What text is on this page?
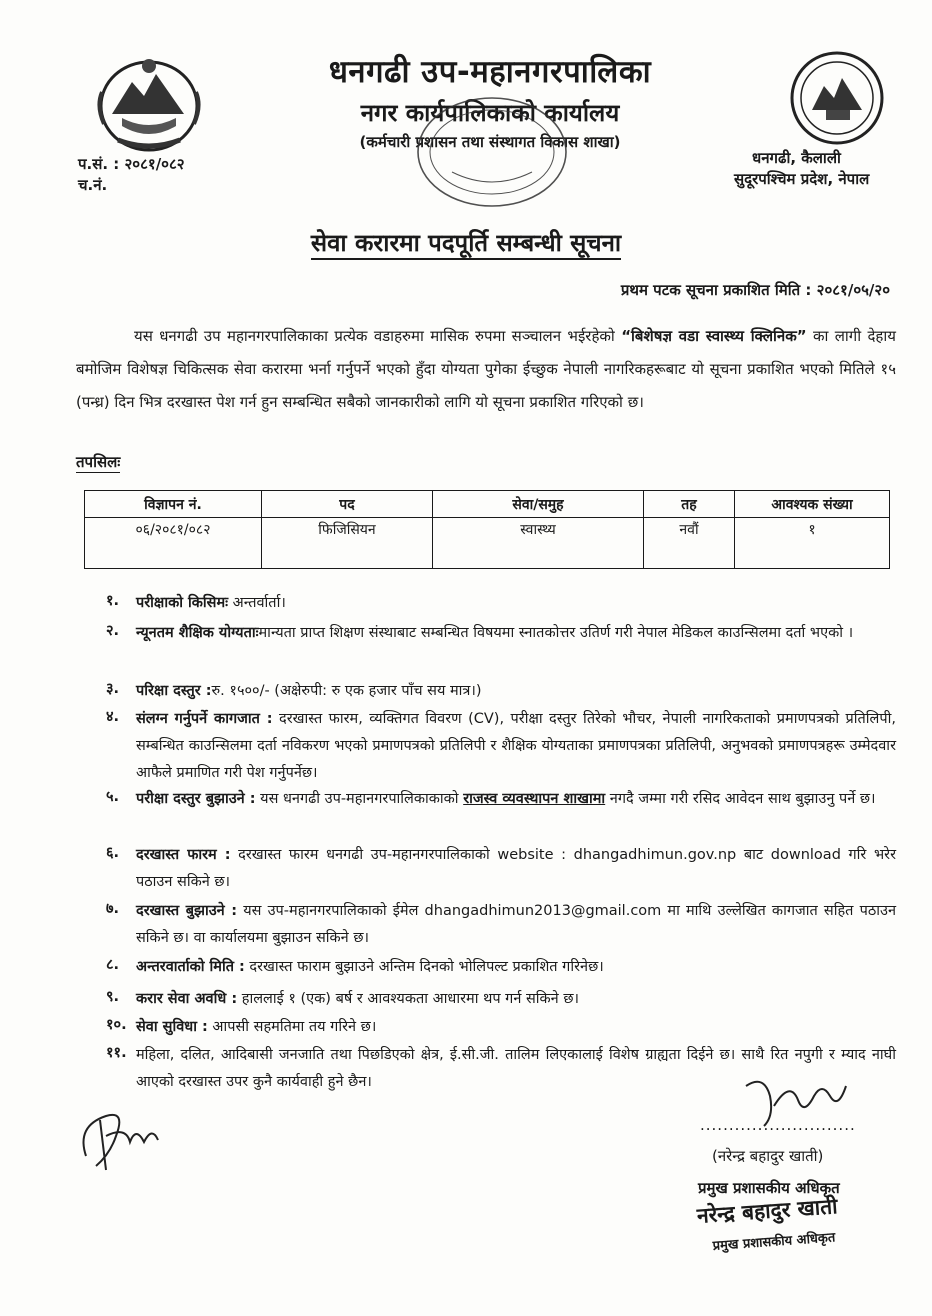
धनगढी उप-महानगरपालिका
नगर कार्यपालिकाको कार्यालय
(कर्मचारी प्रशासन तथा संस्थागत विकास शाखा)
प.सं. : २०८१/०८२
च.नं.
धनगढी, कैलाली
सुदूरपश्चिम प्रदेश, नेपाल
सेवा करारमा पदपूर्ति सम्बन्धी सूचना
प्रथम पटक सूचना प्रकाशित मिति : २०८१/०५/२०
यस धनगढी उप महानगरपालिकाका प्रत्येक वडाहरुमा मासिक रुपमा सञ्चालन भईरहेको “बिशेषज्ञ वडा स्वास्थ्य क्लिनिक” का लागी देहाय बमोजिम विशेषज्ञ चिकित्सक सेवा करारमा भर्ना गर्नुपर्ने भएको हुँदा योग्यता पुगेका ईच्छुक नेपाली नागरिकहरूबाट यो सूचना प्रकाशित भएको मितिले १५ (पन्ध्र) दिन भित्र दरखास्त पेश गर्न हुन सम्बन्धित सबैको जानकारीको लागि यो सूचना प्रकाशित गरिएको छ।
तपसिलः
विज्ञापन नं.	पद	सेवा/समुह	तह	आवश्यक संख्या
०६/२०८१/०८२	फिजिसियन	स्वास्थ्य	नवौं	१

१.	परीक्षाको किसिमः अन्तर्वार्ता।
२.	न्यूनतम शैक्षिक योग्यताःमान्यता प्राप्त शिक्षण संस्थाबाट सम्बन्धित विषयमा स्नातकोत्तर उतिर्ण गरी नेपाल मेडिकल काउन्सिलमा दर्ता भएको ।
३.	परिक्षा दस्तुर :रु. १५००/- (अक्षेरुपी: रु एक हजार पाँच सय मात्र।)
४.	संलग्न गर्नुपर्ने कागजात : दरखास्त फारम, व्यक्तिगत विवरण (CV), परीक्षा दस्तुर तिरेको भौचर, नेपाली नागरिकताको प्रमाणपत्रको प्रतिलिपी, सम्बन्धित काउन्सिलमा दर्ता नविकरण भएको प्रमाणपत्रको प्रतिलिपी र शैक्षिक योग्यताका प्रमाणपत्रका प्रतिलिपी, अनुभवको प्रमाणपत्रहरू उम्मेदवार आफैले प्रमाणित गरी पेश गर्नुपर्नेछ।
५.	परीक्षा दस्तुर बुझाउने : यस धनगढी उप-महानगरपालिकाकाको राजस्व व्यवस्थापन शाखामा नगदै जम्मा गरी रसिद आवेदन साथ बुझाउनु पर्ने छ।
६.	दरखास्त फारम : दरखास्त फारम धनगढी उप-महानगरपालिकाको website : dhangadhimun.gov.np बाट download गरि भरेर पठाउन सकिने छ।
७.	दरखास्त बुझाउने : यस उप-महानगरपालिकाको ईमेल dhangadhimun2013@gmail.com मा माथि उल्लेखित कागजात सहित पठाउन सकिने छ। वा कार्यालयमा बुझाउन सकिने छ।
८.	अन्तरवार्ताको मिति : दरखास्त फाराम बुझाउने अन्तिम दिनको भोलिपल्ट प्रकाशित गरिनेछ।
९.	करार सेवा अवधि : हाललाई १ (एक) बर्ष र आवश्यकता आधारमा थप गर्न सकिने छ।
१०. सेवा सुविधा : आपसी सहमतिमा तय गरिने छ।
११. महिला, दलित, आदिबासी जनजाति तथा पिछडिएको क्षेत्र, ई.सी.जी. तालिम लिएकालाई विशेष ग्राह्यता दिईने छ। साथै रित नपुगी र म्याद नाघी आएको दरखास्त उपर कुनै कार्यवाही हुने छैन।
...........................
(नरेन्द्र बहादुर खाती)
प्रमुख प्रशासकीय अधिकृत
नरेन्द्र बहादुर खाती
प्रमुख प्रशासकीय अधिकृत
